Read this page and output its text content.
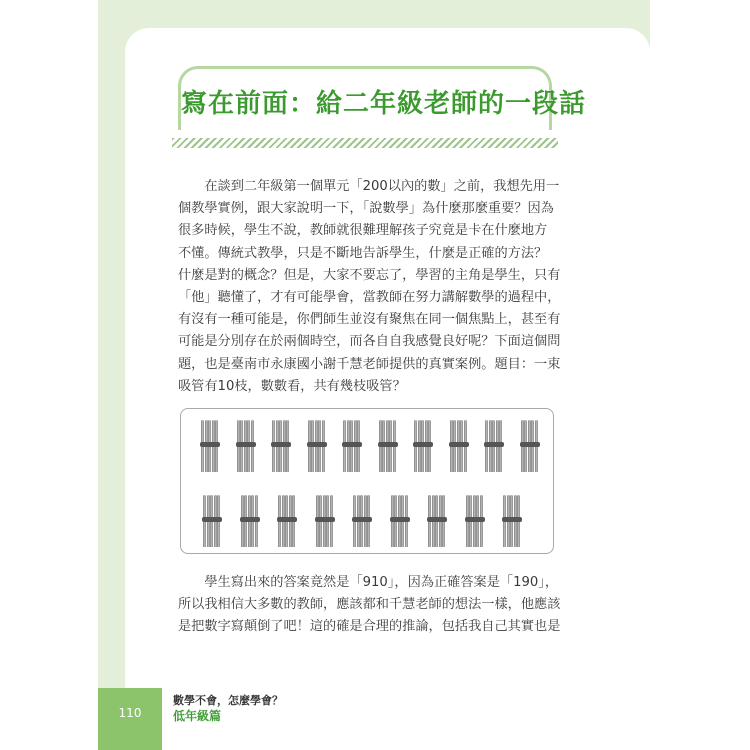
寫在前面：給二年級老師的一段話
　　在談到二年級第一個單元「200以內的數」之前，我想先用一
個教學實例，跟大家說明一下，「說數學」為什麼那麼重要？因為
很多時候，學生不說，教師就很難理解孩子究竟是卡在什麼地方
不懂。傳統式教學，只是不斷地告訴學生，什麼是正確的方法？
什麼是對的概念？但是，大家不要忘了，學習的主角是學生，只有
「他」聽懂了，才有可能學會，當教師在努力講解數學的過程中，
有沒有一種可能是，你們師生並沒有聚焦在同一個焦點上，甚至有
可能是分別存在於兩個時空，而各自自我感覺良好呢？下面這個問
題，也是臺南市永康國小謝千慧老師提供的真實案例。題目：一束
吸管有10枝，數數看，共有幾枝吸管？
　　學生寫出來的答案竟然是「910」，因為正確答案是「190」，
所以我相信大多數的教師，應該都和千慧老師的想法一樣，他應該
是把數字寫顛倒了吧！這的確是合理的推論，包括我自己其實也是
110
數學不會，怎麼學會？
低年級篇
